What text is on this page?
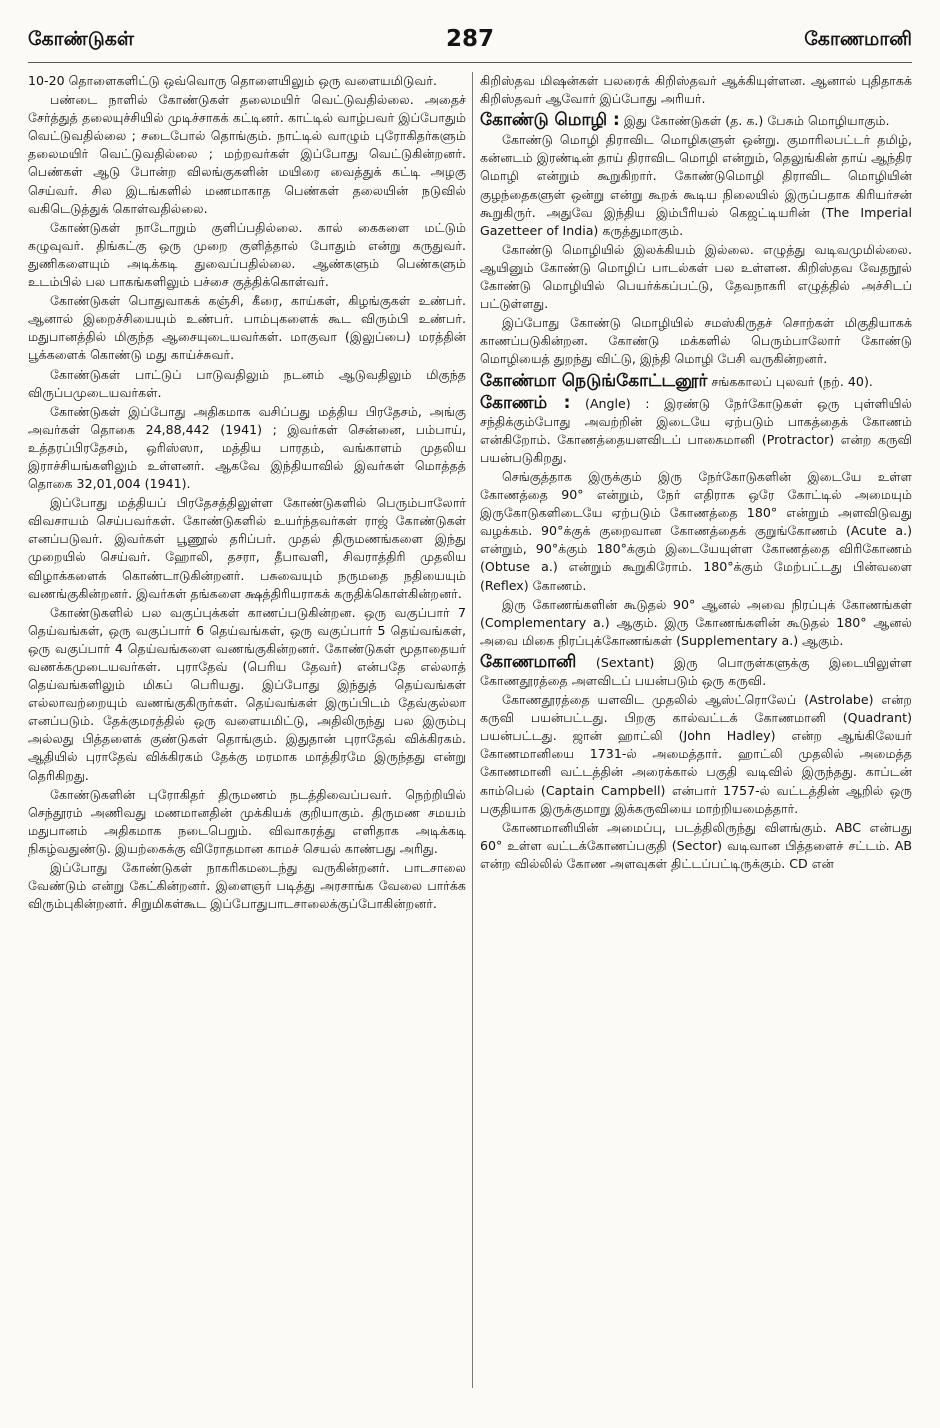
கோண்டுகள்	287	கோணமானி

10-20 தொளைகளிட்டு ஒவ்வொரு தொளையிலும் ஒரு வளையமிடுவர்.

பண்டை நாளில் கோண்டுகள் தலைமயிர் வெட்டுவதில்லை. அதைச் சேர்த்துத் தலையுச்சியில் முடிச்சாகக் கட்டினர். காட்டில் வாழ்பவர் இப்போதும் வெட்டுவதில்லை ; சடைபோல் தொங்கும். நாட்டில் வாழும் புரோகிதர்களும் தலைமயிர் வெட்டுவதில்லை ; மற்றவர்கள் இப்போது வெட்டுகின்றனர். பெண்கள் ஆடு போன்ற விலங்குகளின் மயிரை வைத்துக் கட்டி அழகு செய்வர். சில இடங்களில் மணமாகாத பெண்கள் தலையின் நடுவில் வகிடெடுத்துக் கொள்வதில்லை.

கோண்டுகள் நாடோறும் குளிப்பதில்லை. கால் கைகளை மட்டும் கழுவுவர். திங்கட்கு ஒரு முறை குளித்தால் போதும் என்று கருதுவர். துணிகளையும் அடிக்கடி துவைப்பதில்லை. ஆண்களும் பெண்களும் உடம்பில் பல பாகங்களிலும் பச்சை குத்திக்கொள்வர்.

கோண்டுகள் பொதுவாகக் கஞ்சி, கீரை, காய்கள், கிழங்குகள் உண்பர். ஆனால் இறைச்சியையும் உண்பர். பாம்புகளைக் கூட விரும்பி உண்பர். மதுபானத்தில் மிகுந்த ஆசையுடையவர்கள். மாகுவா (இலுப்பை) மரத்தின் பூக்களைக் கொண்டு மது காய்ச்சுவர்.

கோண்டுகள் பாட்டுப் பாடுவதிலும் நடனம் ஆடுவதிலும் மிகுந்த விருப்பமுடையவர்கள்.

கோண்டுகள் இப்போது அதிகமாக வசிப்பது மத்திய பிரதேசம், அங்கு அவர்கள் தொகை 24,88,442 (1941) ; இவர்கள் சென்னை, பம்பாய், உத்தரப்பிரதேசம், ஒரிஸ்ஸா, மத்திய பாரதம், வங்காளம் முதலிய இராச்சியங்களிலும் உள்ளனர். ஆகவே இந்தியாவில் இவர்கள் மொத்தத் தொகை 32,01,004 (1941).

இப்போது மத்தியப் பிரதேசத்திலுள்ள கோண்டுகளில் பெரும்பாலோர் விவசாயம் செய்பவர்கள். கோண்டுகளில் உயர்ந்தவர்கள் ராஜ் கோண்டுகள் எனப்படுவர். இவர்கள் பூணூல் தரிப்பர். முதல் திருமணங்களை இந்து முறையில் செய்வர். ஹோலி, தசரா, தீபாவளி, சிவராத்திரி முதலிய விழாக்களைக் கொண்டாடுகின்றனர். பசுவையும் நருமதை நதியையும் வணங்குகின்றனர். இவர்கள் தங்களை க்ஷத்திரியராகக் கருதிக்கொள்கின்றனர்.

கோண்டுகளில் பல வகுப்புக்கள் காணப்படுகின்றன. ஒரு வகுப்பார் 7 தெய்வங்கள், ஒரு வகுப்பார் 6 தெய்வங்கள், ஒரு வகுப்பார் 5 தெய்வங்கள், ஒரு வகுப்பார் 4 தெய்வங்களை வணங்குகின்றனர். கோண்டுகள் மூதாதையர் வணக்கமுடையவர்கள். புராதேவ் (பெரிய தேவர்) என்பதே எல்லாத் தெய்வங்களிலும் மிகப் பெரியது. இப்போது இந்துத் தெய்வங்கள் எல்லாவற்றையும் வணங்குகிருர்கள். தெய்வங்கள் இருப்பிடம் தேவ்குல்லா எனப்படும். தேக்குமரத்தில் ஒரு வளையமிட்டு, அதிலிருந்து பல இரும்பு அல்லது பித்தளைக் குண்டுகள் தொங்கும். இதுதான் புராதேவ் விக்கிரகம். ஆதியில் புராதேவ் விக்கிரகம் தேக்கு மரமாக மாத்திரமே இருந்தது என்று தெரிகிறது.

கோண்டுகளின் புரோகிதர் திருமணம் நடத்திவைப்பவர். நெற்றியில் செந்தூரம் அணிவது மணமானதின் முக்கியக் குறியாகும். திருமண சமயம் மதுபானம் அதிகமாக நடைபெறும். விவாகரத்து எளிதாக அடிக்கடி நிகழ்வதுண்டு. இயற்கைக்கு விரோதமான காமச் செயல் காண்பது அரிது.

இப்போது கோண்டுகள் நாகரிகமடைந்து வருகின்றனர். பாடசாலை வேண்டும் என்று கேட்கின்றனர். இளைஞர் படித்து அரசாங்க வேலை பார்க்க விரும்புகின்றனர். சிறுமிகள்கூட இப்போதுபாடசாலைக்குப்போகின்றனர்.

கிறிஸ்தவ மிஷன்கள் பலரைக் கிறிஸ்தவர் ஆக்கியுள்ளன. ஆனால் புதிதாகக் கிறிஸ்தவர் ஆவோர் இப்போது அரியர்.

கோண்டு மொழி : இது கோண்டுகள் (த. க.) பேசும் மொழியாகும்.

கோண்டு மொழி திராவிட மொழிகளுள் ஒன்று. குமாரிலபட்டர் தமிழ், கன்னடம் இரண்டின் தாய் திராவிட மொழி என்றும், தெலுங்கின் தாய் ஆந்திர மொழி என்றும் கூறுகிறார். கோண்டுமொழி திராவிட மொழியின் குழந்தைகளுள் ஒன்று என்று கூறக் கூடிய நிலையில் இருப்பதாக கிரியர்சன் கூறுகிருர். அதுவே இந்திய இம்பீரியல் கெஜட்டியரின் (The Imperial Gazetteer of India) கருத்துமாகும்.

கோண்டு மொழியில் இலக்கியம் இல்லை. எழுத்து வடிவமுமில்லை. ஆயினும் கோண்டு மொழிப் பாடல்கள் பல உள்ளன. கிறிஸ்தவ வேதநூல் கோண்டு மொழியில் பெயர்க்கப்பட்டு, தேவநாகரி எழுத்தில் அச்சிடப் பட்டுள்ளது.

இப்போது கோண்டு மொழியில் சமஸ்கிருதச் சொற்கள் மிகுதியாகக் காணப்படுகின்றன. கோண்டு மக்களில் பெரும்பாலோர் கோண்டு மொழியைத் துறந்து விட்டு, இந்தி மொழி பேசி வருகின்றனர்.

கோண்மா நெடுங்கோட்டனூர் சங்ககாலப் புலவர் (நற். 40).
கோணம் : (Angle) : இரண்டு நேர்கோடுகள் ஒரு புள்ளியில் சந்திக்கும்போது அவற்றின் இடையே ஏற்படும் பாகத்தைக் கோணம் என்கிறோம். கோணத்தையளவிடப் பாகைமானி (Protractor) என்ற கருவி பயன்படுகிறது.

செங்குத்தாக இருக்கும் இரு நேர்கோடுகளின் இடையே உள்ள கோணத்தை 90° என்றும், நேர் எதிராக ஒரே கோட்டில் அமையும் இருகோடுகளிடையே ஏற்படும் கோணத்தை 180° என்றும் அளவிடுவது வழக்கம். 90°க்குக் குறைவான கோணத்தைக் குறுங்கோணம் (Acute a.) என்றும், 90°க்கும் 180°க்கும் இடையேயுள்ள கோணத்தை விரிகோணம் (Obtuse a.) என்றும் கூறுகிரோம். 180°க்கும் மேற்பட்டது பின்வளை (Reflex) கோணம்.

இரு கோணங்களின் கூடுதல் 90° ஆனல் அவை நிரப்புக் கோணங்கள் (Complementary a.) ஆகும். இரு கோணங்களின் கூடுதல் 180° ஆனல் அவை மிகை நிரப்புக்கோணங்கள் (Supplementary a.) ஆகும்.

கோணமானி (Sextant) இரு பொருள்களுக்கு இடையிலுள்ள கோணதூரத்தை அளவிடப் பயன்படும் ஒரு கருவி.

கோணதூரத்தை யளவிட முதலில் ஆஸ்ட்ரொலேப் (Astrolabe) என்ற கருவி பயன்பட்டது. பிறகு கால்வட்டக் கோணமானி (Quadrant) பயன்பட்டது. ஜான் ஹாட்லி (John Hadley) என்ற ஆங்கிலேயர் கோணமானியை 1731-ல் அமைத்தார். ஹாட்லி முதலில் அமைத்த கோணமானி வட்டத்தின் அரைக்கால் பகுதி வடிவில் இருந்தது. காப்டன் காம்பெல் (Captain Campbell) என்பார் 1757-ல் வட்டத்தின் ஆறில் ஒரு பகுதியாக இருக்குமாறு இக்கருவியை மாற்றியமைத்தார்.

கோணமானியின் அமைப்பு, படத்திலிருந்து விளங்கும். ABC என்பது 60° உள்ள வட்டக்கோணப்பகுதி (Sector) வடிவான பித்தளைச் சட்டம். AB என்ற வில்லில் கோண அளவுகள் திட்டப்பட்டிருக்கும். CD என்
